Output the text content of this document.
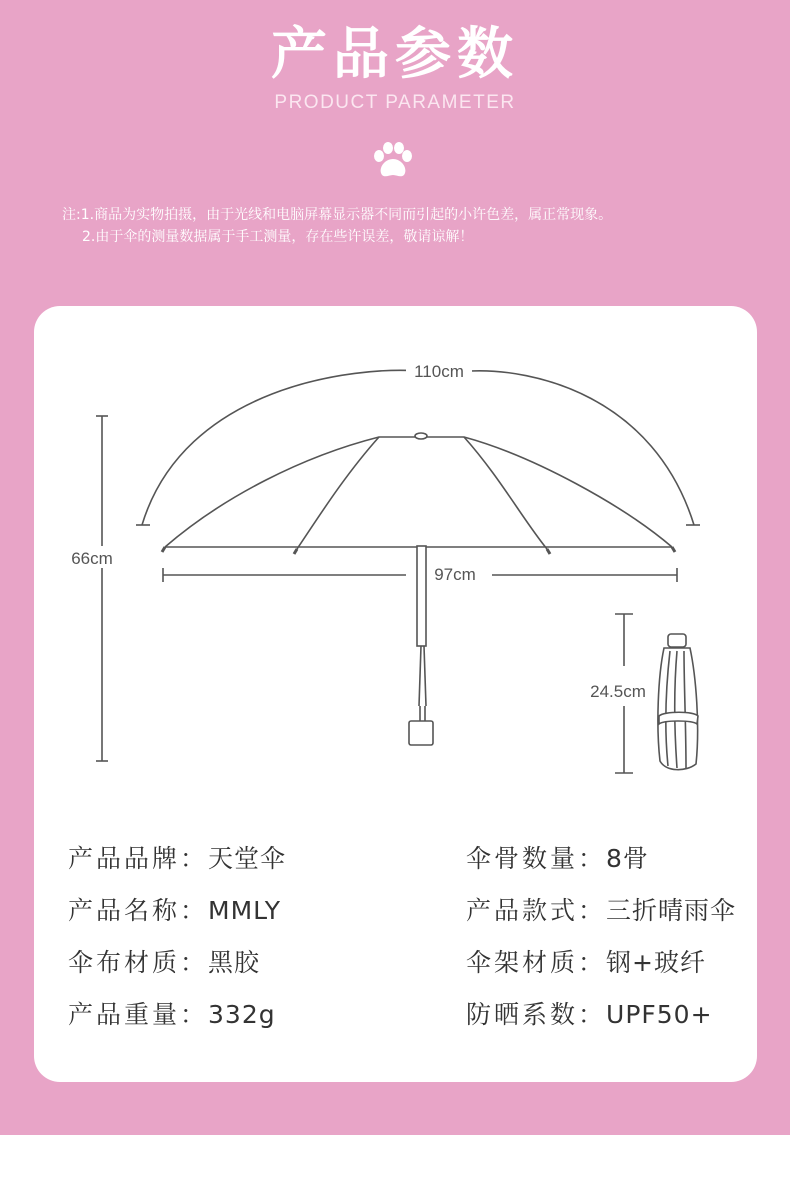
产品参数
PRODUCT PARAMETER
注:1.商品为实物拍摄，由于光线和电脑屏幕显示器不同而引起的小许色差，属正常现象。
2.由于伞的测量数据属于手工测量，存在些许误差，敬请谅解！
110cm
66cm
97cm
24.5cm
产品品牌：天堂伞
产品名称：MMLY
伞布材质：黑胶
产品重量：332g
伞骨数量：8骨
产品款式：三折晴雨伞
伞架材质：钢+玻纤
防晒系数：UPF50+
